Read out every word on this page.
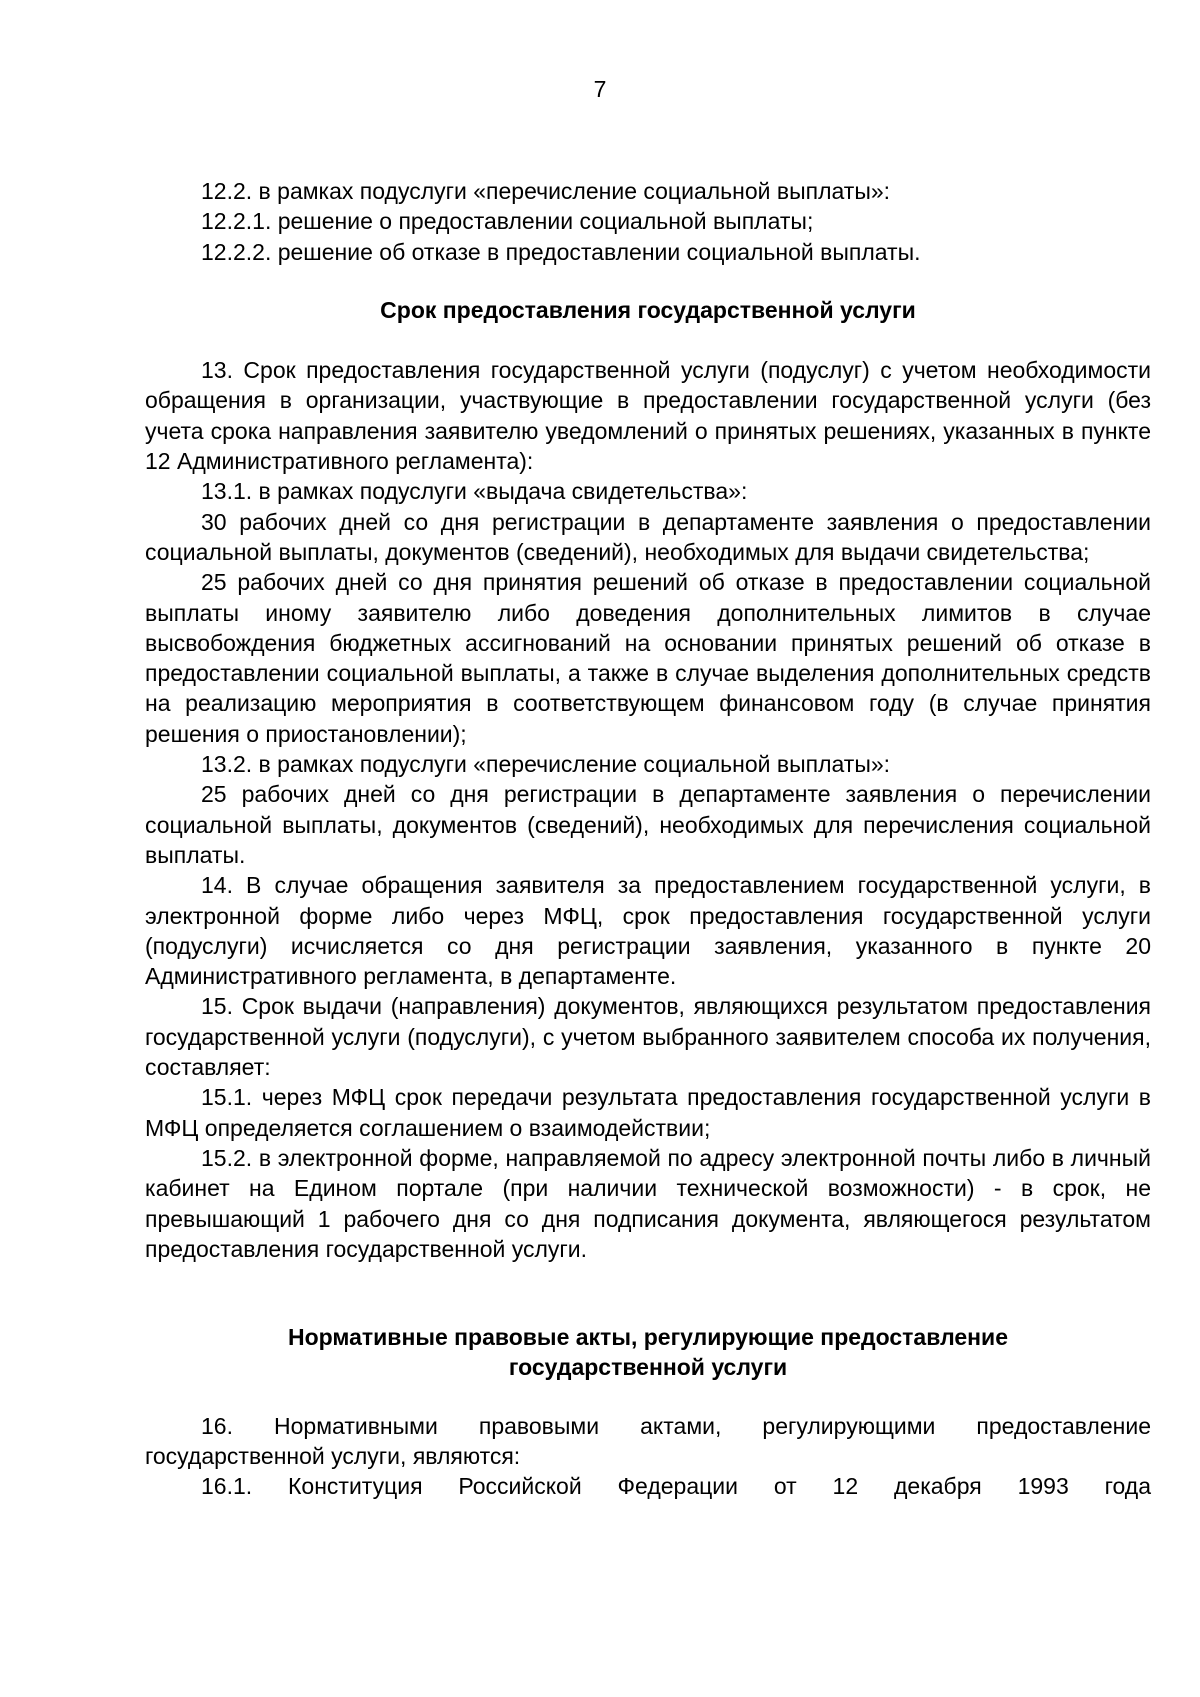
7

12.2. в рамках подуслуги «перечисление социальной выплаты»:

12.2.1. решение о предоставлении социальной выплаты;

12.2.2. решение об отказе в предоставлении социальной выплаты.

Срок предоставления государственной услуги

13. Срок предоставления государственной услуги (подуслуг) с учетом необходимости обращения в организации, участвующие в предоставлении государственной услуги (без учета срока направления заявителю уведомлений о принятых решениях, указанных в пункте 12 Административного регламента):

13.1. в рамках подуслуги «выдача свидетельства»:

30 рабочих дней со дня регистрации в департаменте заявления о предоставлении социальной выплаты, документов (сведений), необходимых для выдачи свидетельства;

25 рабочих дней со дня принятия решений об отказе в предоставлении социальной выплаты иному заявителю либо доведения дополнительных лимитов в случае высвобождения бюджетных ассигнований на основании принятых решений об отказе в предоставлении социальной выплаты, а также в случае выделения дополнительных средств на реализацию мероприятия в соответствующем финансовом году (в случае принятия решения о приостановлении);

13.2. в рамках подуслуги «перечисление социальной выплаты»:

25 рабочих дней со дня регистрации в департаменте заявления о перечислении социальной выплаты, документов (сведений), необходимых для перечисления социальной выплаты.

14. В случае обращения заявителя за предоставлением государственной услуги, в электронной форме либо через МФЦ, срок предоставления государственной услуги (подуслуги) исчисляется со дня регистрации заявления, указанного в пункте 20 Административного регламента, в департаменте.

15. Срок выдачи (направления) документов, являющихся результатом предоставления государственной услуги (подуслуги), с учетом выбранного заявителем способа их получения, составляет:

15.1. через МФЦ срок передачи результата предоставления государственной услуги в МФЦ определяется соглашением о взаимодействии;

15.2. в электронной форме, направляемой по адресу электронной почты либо в личный кабинет на Едином портале (при наличии технической возможности) - в срок, не превышающий 1 рабочего дня со дня подписания документа, являющегося результатом предоставления государственной услуги.

Нормативные правовые акты, регулирующие предоставление

государственной услуги

16. Нормативными правовыми актами, регулирующими предоставление государственной услуги, являются:

16.1. Конституция Российской Федерации от 12 декабря 1993 года
